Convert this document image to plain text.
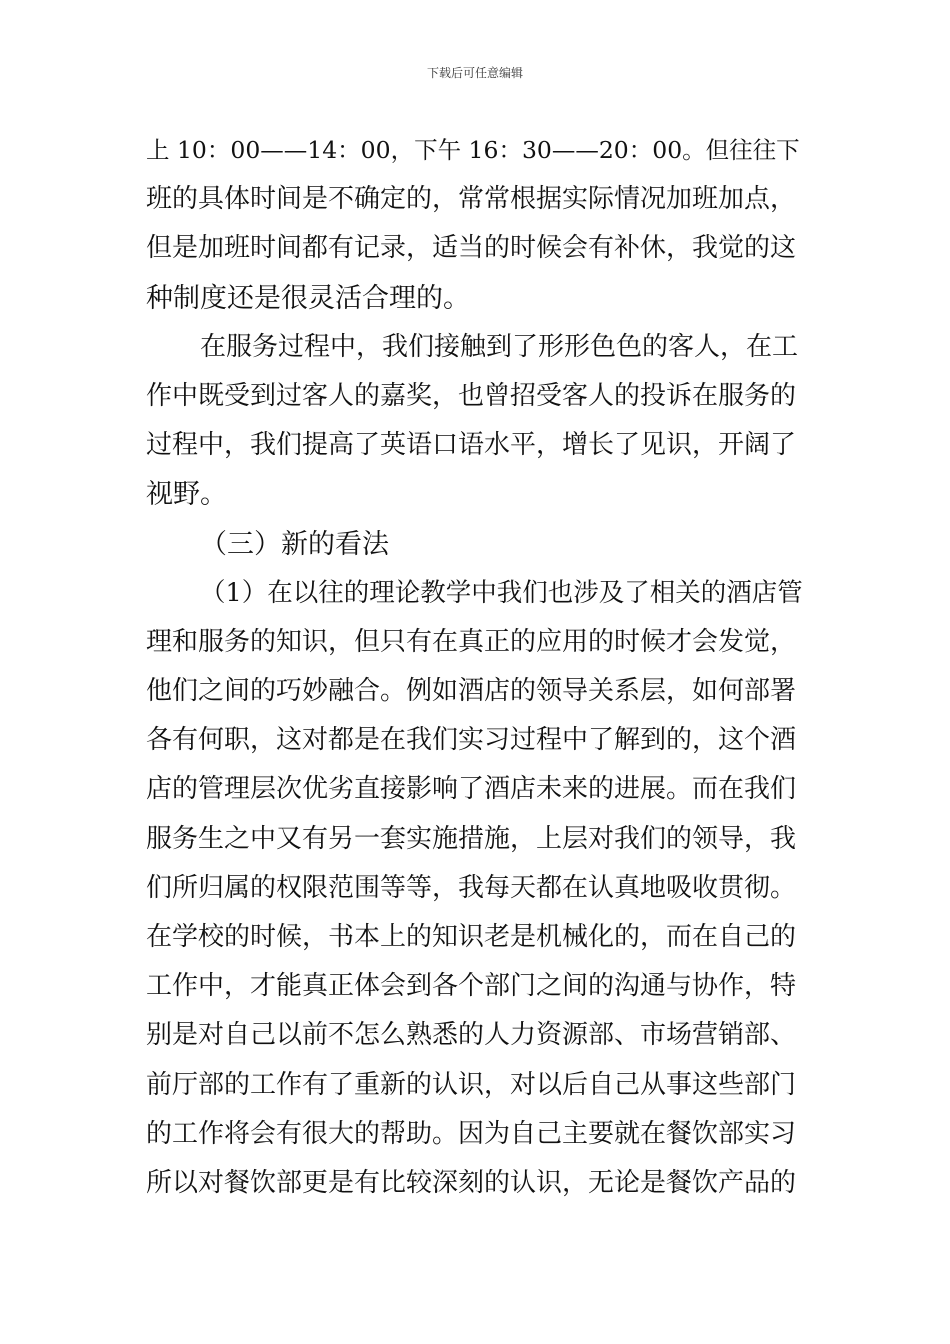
下载后可任意编辑
上 10：00——14：00，下午 16：30——20：00。但往往下
班的具体时间是不确定的，常常根据实际情况加班加点，
但是加班时间都有记录，适当的时候会有补休，我觉的这
种制度还是很灵活合理的。
在服务过程中，我们接触到了形形色色的客人，在工
作中既受到过客人的嘉奖，也曾招受客人的投诉在服务的
过程中，我们提高了英语口语水平，增长了见识，开阔了
视野。
（三）新的看法
（1）在以往的理论教学中我们也涉及了相关的酒店管
理和服务的知识，但只有在真正的应用的时候才会发觉，
他们之间的巧妙融合。例如酒店的领导关系层，如何部署
各有何职，这对都是在我们实习过程中了解到的，这个酒
店的管理层次优劣直接影响了酒店未来的进展。而在我们
服务生之中又有另一套实施措施，上层对我们的领导，我
们所归属的权限范围等等，我每天都在认真地吸收贯彻。
在学校的时候，书本上的知识老是机械化的，而在自己的
工作中，才能真正体会到各个部门之间的沟通与协作，特
别是对自己以前不怎么熟悉的人力资源部、市场营销部、
前厅部的工作有了重新的认识，对以后自己从事这些部门
的工作将会有很大的帮助。因为自己主要就在餐饮部实习
所以对餐饮部更是有比较深刻的认识，无论是餐饮产品的
